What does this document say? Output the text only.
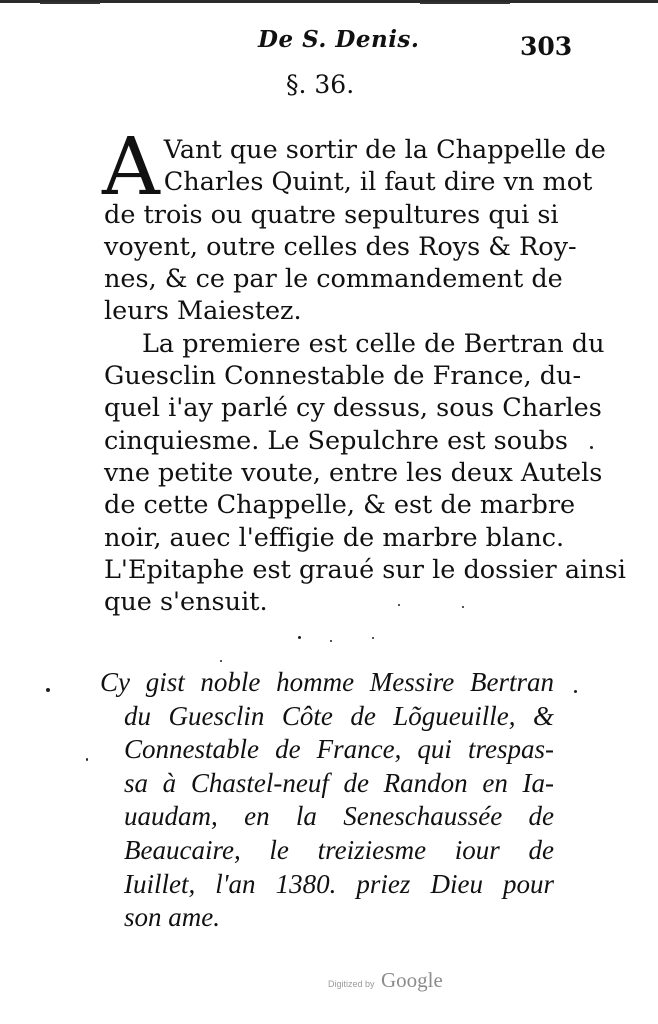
De S. Denis.	303
§. 36.
A Vant que sortir de la Chappelle de
Charles Quint, il faut dire vn mot
de trois ou quatre sepultures qui si
voyent, outre celles des Roys & Roy-
nes, & ce par le commandement de
leurs Maiestez.
La premiere est celle de Bertran du
Guesclin Connestable de France, du-
quel i'ay parlé cy dessus, sous Charles
cinquiesme. Le Sepulchre est soubs
vne petite voute, entre les deux Autels
de cette Chappelle, & est de marbre
noir, auec l'effigie de marbre blanc.
L'Epitaphe est graué sur le dossier ainsi
que s'ensuit.
Cy gist noble homme Messire Bertran
du Guesclin Côte de Lõgueuille, &
Connestable de France, qui trespas-
sa à Chastel-neuf de Randon en Ia-
uaudam, en la Seneschaussée de
Beaucaire, le treiziesme iour de
Iuillet, l'an 1380. priez Dieu pour
son ame.
Digitized by Google
